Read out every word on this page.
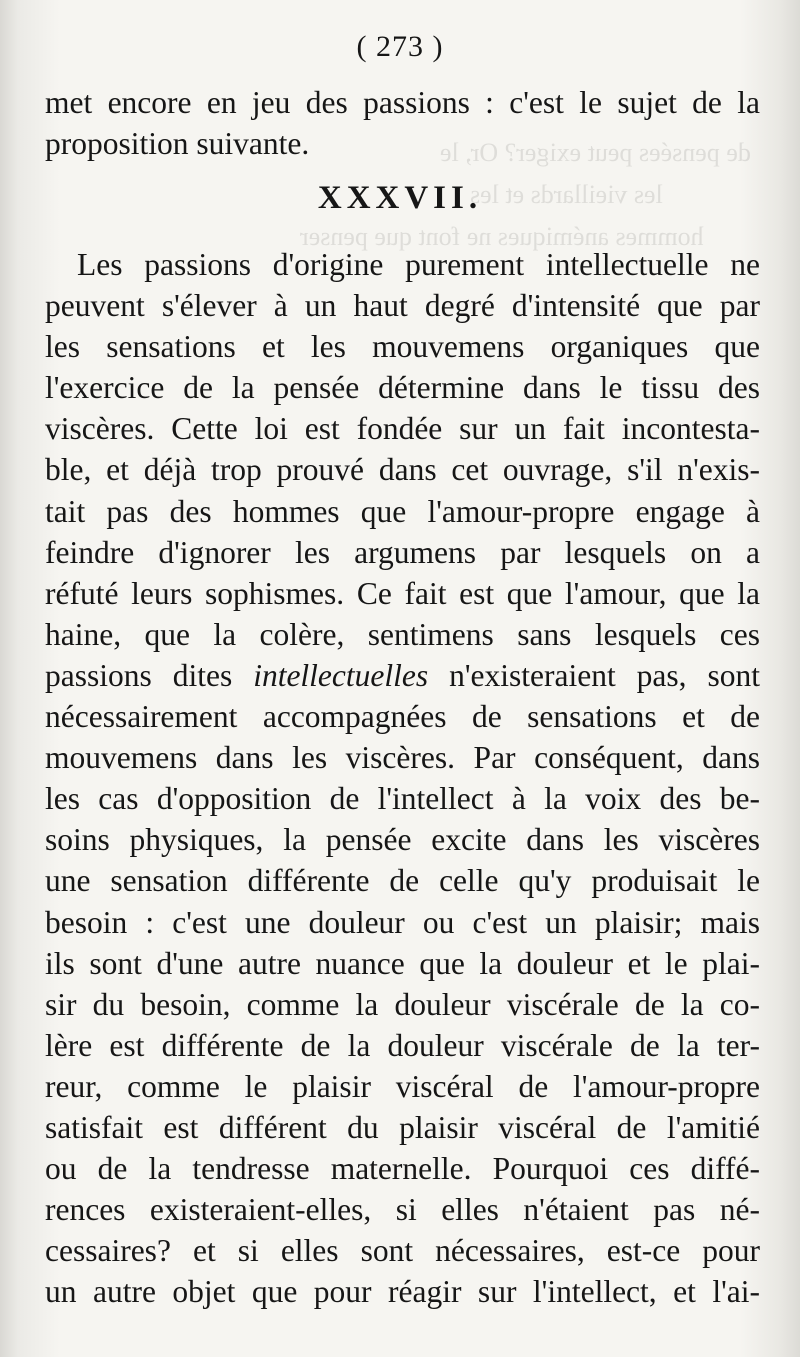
de pensées peut exiger? Or, le
les vieillards et les
hommes anémiques ne font que penser
( 273 )
met encore en jeu des passions : c'est le sujet de la
proposition suivante.
XXXVII.
Les passions d'origine purement intellectuelle ne
peuvent s'élever à un haut degré d'intensité que par
les sensations et les mouvemens organiques que
l'exercice de la pensée détermine dans le tissu des
viscères. Cette loi est fondée sur un fait incontesta-
ble, et déjà trop prouvé dans cet ouvrage, s'il n'exis-
tait pas des hommes que l'amour-propre engage à
feindre d'ignorer les argumens par lesquels on a
réfuté leurs sophismes. Ce fait est que l'amour, que la
haine, que la colère, sentimens sans lesquels ces
passions dites intellectuelles n'existeraient pas, sont
nécessairement accompagnées de sensations et de
mouvemens dans les viscères. Par conséquent, dans
les cas d'opposition de l'intellect à la voix des be-
soins physiques, la pensée excite dans les viscères
une sensation différente de celle qu'y produisait le
besoin : c'est une douleur ou c'est un plaisir; mais
ils sont d'une autre nuance que la douleur et le plai-
sir du besoin, comme la douleur viscérale de la co-
lère est différente de la douleur viscérale de la ter-
reur, comme le plaisir viscéral de l'amour-propre
satisfait est différent du plaisir viscéral de l'amitié
ou de la tendresse maternelle. Pourquoi ces diffé-
rences existeraient-elles, si elles n'étaient pas né-
cessaires? et si elles sont nécessaires, est-ce pour
un autre objet que pour réagir sur l'intellect, et l'ai-
